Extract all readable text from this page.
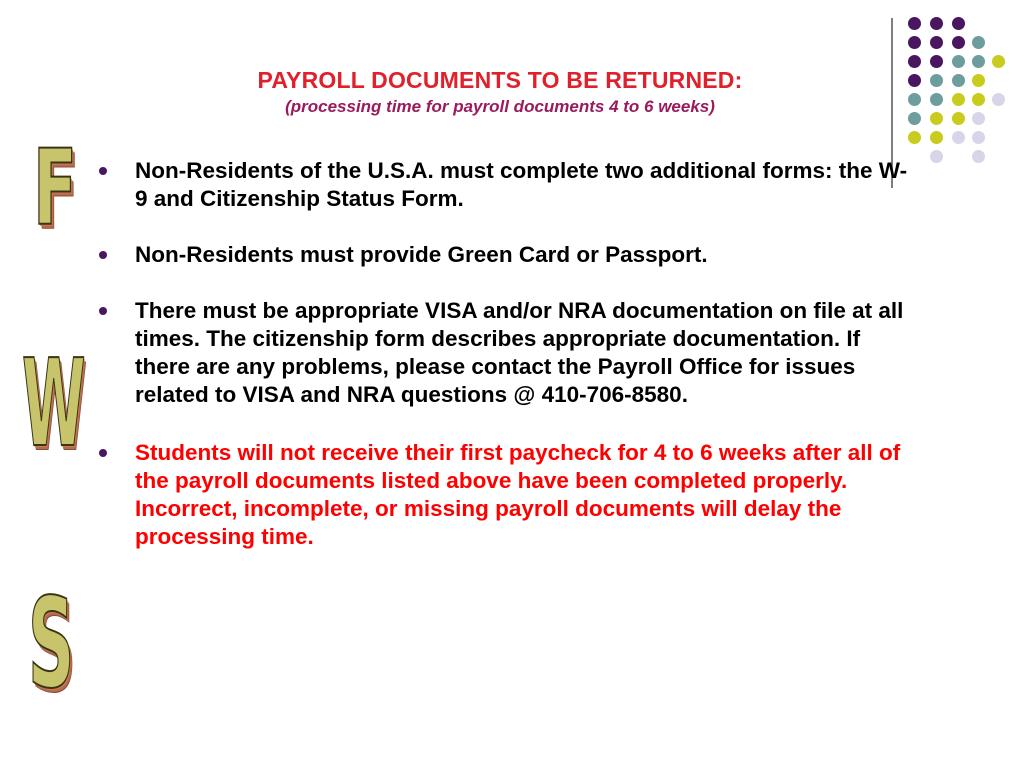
PAYROLL DOCUMENTS TO BE RETURNED:

(processing time for payroll documents 4 to 6 weeks)

F
W
S
Non-Residents of the U.S.A. must complete two additional forms: the W-9 and Citizenship Status Form.
Non-Residents must provide Green Card or Passport.
There must be appropriate VISA and/or NRA documentation on file at all times. The citizenship form describes appropriate documentation. If there are any problems, please contact the Payroll Office for issues related to VISA and NRA questions @ 410-706-8580.
Students will not receive their first paycheck for 4 to 6 weeks after all of the payroll documents listed above have been completed properly. Incorrect, incomplete, or missing payroll documents will delay the processing time.
